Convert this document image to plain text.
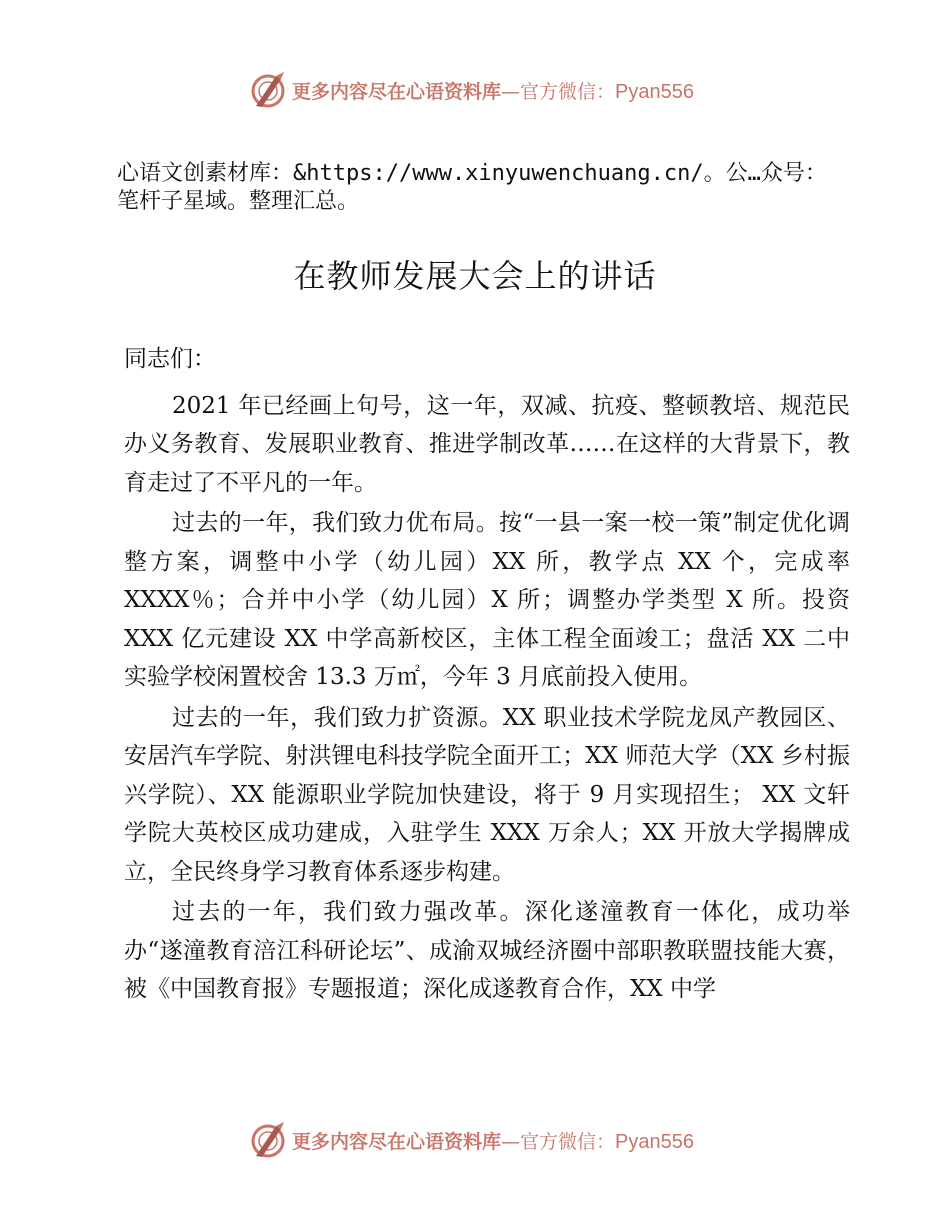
更多内容尽在心语资料库—官方微信：Pyan556
心语文创素材库：&https://www.xinyuwenchuang.cn/。公…众号：笔杆子星域。整理汇总。
在教师发展大会上的讲话

同志们：

2021 年已经画上句号，这一年，双减、抗疫、整顿教培、规范民办义务教育、发展职业教育、推进学制改革……在这样的大背景下，教育走过了不平凡的一年。

过去的一年，我们致力优布局。按“一县一案一校一策”制定优化调整方案，调整中小学（幼儿园）XX 所，教学点 XX 个，完成率 XXXX％；合并中小学（幼儿园）X 所；调整办学类型 X 所。投资 XXX 亿元建设 XX 中学高新校区，主体工程全面竣工；盘活 XX 二中实验学校闲置校舍 13.3 万㎡，今年 3 月底前投入使用。

过去的一年，我们致力扩资源。XX 职业技术学院龙凤产教园区、安居汽车学院、射洪锂电科技学院全面开工；XX 师范大学（XX 乡村振兴学院）、XX 能源职业学院加快建设，将于 9 月实现招生； XX 文轩学院大英校区成功建成，入驻学生 XXX 万余人；XX 开放大学揭牌成立，全民终身学习教育体系逐步构建。

过去的一年，我们致力强改革。深化遂潼教育一体化，成功举办“遂潼教育涪江科研论坛”、成渝双城经济圈中部职教联盟技能大赛，被《中国教育报》专题报道；深化成遂教育合作，XX 中学

更多内容尽在心语资料库—官方微信：Pyan556
